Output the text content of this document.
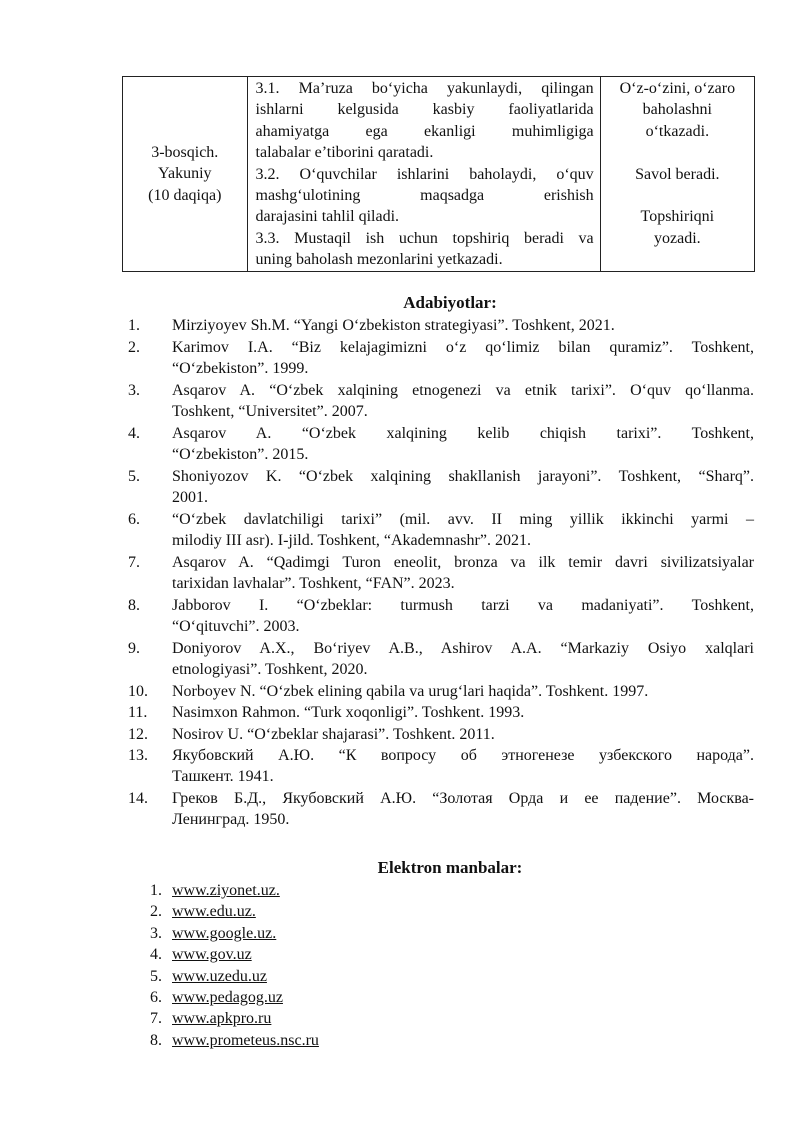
3-bosqich.
Yakuniy
(10 daqiqa)

3.1. Ma’ruza bo‘yicha yakunlaydi, qilingan
ishlarni kelgusida kasbiy faoliyatlarida
ahamiyatga ega ekanligi muhimligiga
talabalar e’tiborini qaratadi.
3.2. O‘quvchilar ishlarini baholaydi, o‘quv
mashg‘ulotining maqsadga erishish
darajasini tahlil qiladi.
3.3. Mustaqil ish uchun topshiriq beradi va
uning baholash mezonlarini yetkazadi.

O‘z-o‘zini, o‘zaro
baholashni
o‘tkazadi.
Savol beradi.
Topshiriqni
yozadi.
Adabiyotlar:
1.	Mirziyoyev Sh.M. “Yangi O‘zbekiston strategiyasi”. Toshkent, 2021.
2.	Karimov I.A. “Biz kelajagimizni o‘z qo‘limiz bilan quramiz”. Toshkent,
“O‘zbekiston”. 1999.
3.	Asqarov A. “O‘zbek xalqining etnogenezi va etnik tarixi”. O‘quv qo‘llanma.
Toshkent, “Universitet”. 2007.
4.	Asqarov A. “O‘zbek xalqining kelib chiqish tarixi”. Toshkent,
“O‘zbekiston”. 2015.
5.	Shoniyozov K. “O‘zbek xalqining shakllanish jarayoni”. Toshkent, “Sharq”.
2001.
6.	“O‘zbek davlatchiligi tarixi” (mil. avv. II ming yillik ikkinchi yarmi –
milodiy III asr). I-jild. Toshkent, “Akademnashr”. 2021.
7.	Asqarov A. “Qadimgi Turon eneolit, bronza va ilk temir davri sivilizatsiyalar
tarixidan lavhalar”. Toshkent, “FAN”. 2023.
8.	Jabborov I. “O‘zbeklar: turmush tarzi va madaniyati”. Toshkent,
“O‘qituvchi”. 2003.
9.	Doniyorov A.X., Bo‘riyev A.B., Ashirov A.A. “Markaziy Osiyo xalqlari
etnologiyasi”. Toshkent, 2020.
10.	Norboyev N. “O‘zbek elining qabila va urug‘lari haqida”. Toshkent. 1997.
11.	Nasimxon Rahmon. “Turk xoqonligi”. Toshkent. 1993.
12.	Nosirov U. “O‘zbeklar shajarasi”. Toshkent. 2011.
13.	Якубовский А.Ю. “К вопросу об этногенезе узбекского народа”.
Ташкент. 1941.
14.	Греков Б.Д., Якубовский А.Ю. “Золотая Орда и ее падение”. Москва-
Ленинград. 1950.
Elektron manbalar:
1. www.ziyonet.uz.
2. www.edu.uz.
3. www.google.uz.
4. www.gov.uz
5. www.uzedu.uz
6. www.pedagog.uz
7. www.apkpro.ru
8. www.prometeus.nsc.ru
